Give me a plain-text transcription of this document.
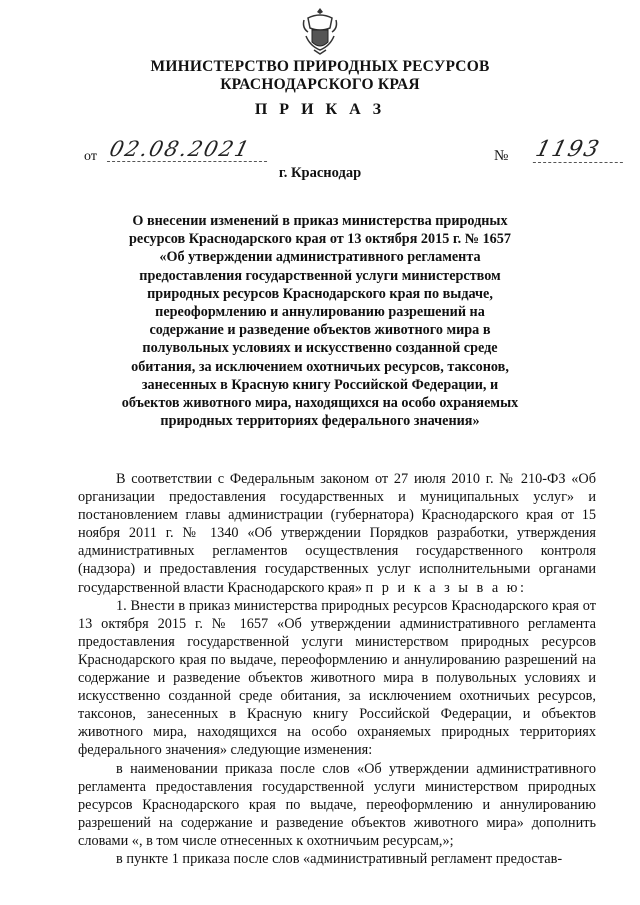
МИНИСТЕРСТВО ПРИРОДНЫХ РЕСУРСОВ
КРАСНОДАРСКОГО КРАЯ
П Р И К А З
от 02.08.2021	№ 1193
г. Краснодар
О внесении изменений в приказ министерства природных ресурсов Краснодарского края от 13 октября 2015 г. № 1657 «Об утверждении административного регламента предоставления государственной услуги министерством природных ресурсов Краснодарского края по выдаче, переоформлению и аннулированию разрешений на содержание и разведение объектов животного мира в полувольных условиях и искусственно созданной среде обитания, за исключением охотничьих ресурсов, таксонов, занесенных в Красную книгу Российской Федерации, и объектов животного мира, находящихся на особо охраняемых природных территориях федерального значения»

В соответствии с Федеральным законом от 27 июля 2010 г. № 210-ФЗ «Об организации предоставления государственных и муниципальных услуг» и постановлением главы администрации (губернатора) Краснодарского края от 15 ноября 2011 г. № 1340 «Об утверждении Порядков разработки, утверждения административных регламентов осуществления государственного контроля (надзора) и предоставления государственных услуг исполнительными органами государственной власти Краснодарского края» п р и к а з ы в а ю:

1. Внести в приказ министерства природных ресурсов Краснодарского края от 13 октября 2015 г. № 1657 «Об утверждении административного регламента предоставления государственной услуги министерством природных ресурсов Краснодарского края по выдаче, переоформлению и аннулированию разрешений на содержание и разведение объектов животного мира в полувольных условиях и искусственно созданной среде обитания, за исключением охотничьих ресурсов, таксонов, занесенных в Красную книгу Российской Федерации, и объектов животного мира, находящихся на особо охраняемых природных территориях федерального значения» следующие изменения:

в наименовании приказа после слов «Об утверждении административного регламента предоставления государственной услуги министерством природных ресурсов Краснодарского края по выдаче, переоформлению и аннулированию разрешений на содержание и разведение объектов животного мира» дополнить словами «, в том числе отнесенных к охотничьим ресурсам,»;

в пункте 1 приказа после слов «административный регламент предостав-
